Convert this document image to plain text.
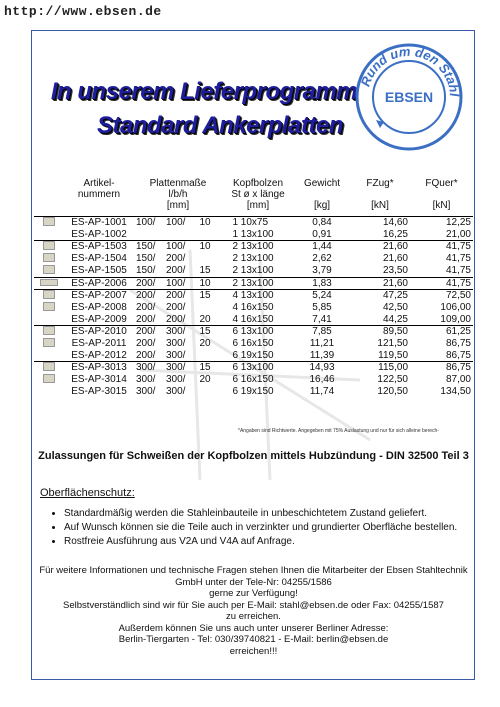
http://www.ebsen.de
In unserem Lieferprogramm
Standard Ankerplatten
Rund um den Stahl
EBSEN
	Artikel-
nummern	Plattenmaße
l/b/h
[mm]	Kopfbolzen
St ø x länge
[mm]	Gewicht

[kg]	FZug*

[kN]	FQuer*

[kN]
	ES-AP-1001	100/ 100/ 10	1 10x75	0,84	14,60	12,25
	ES-AP-1002		1 13x100	0,91	16,25	21,00
	ES-AP-1503	150/ 100/ 10	2 13x100	1,44	21,60	41,75
	ES-AP-1504	150/ 200/	2 13x100	2,62	21,60	41,75
	ES-AP-1505	150/ 200/ 15	2 13x100	3,79	23,50	41,75
	ES-AP-2006	200/ 100/ 10	2 13x100	1,83	21,60	41,75
	ES-AP-2007	200/ 200/ 15	4 13x100	5,24	47,25	72,50
	ES-AP-2008	200/ 200/	4 16x150	5,85	42,50	106,00
	ES-AP-2009	200/ 200/ 20	4 16x150	7,41	44,25	109,00
	ES-AP-2010	200/ 300/ 15	6 13x100	7,85	89,50	61,25
	ES-AP-2011	200/ 300/ 20	6 16x150	11,21	121,50	86,75
	ES-AP-2012	200/ 300/	6 19x150	11,39	119,50	86,75
	ES-AP-3013	300/ 300/ 15	6 13x100	14,93	115,00	86,75
	ES-AP-3014	300/ 300/ 20	6 16x150	16,46	122,50	87,00
	ES-AP-3015	300/ 300/	6 19x150	11,74	120,50	134,50
*Angaben sind Richtwerte. Angegeben mit 75% Auslastung und nur für sich alleine berech-
Zulassungen für Schweißen der Kopfbolzen mittels Hubzündung - DIN 32500 Teil 3
Oberflächenschutz:
• Standardmäßig werden die Stahleinbauteile in unbeschichtetem Zustand geliefert.
• Auf Wunsch können sie die Teile auch in verzinkter und grundierter Oberfläche bestellen.
• Rostfreie Ausführung aus V2A und V4A auf Anfrage.
Für weitere Informationen und technische Fragen stehen Ihnen die Mitarbeiter der Ebsen Stahltechnik
GmbH unter der Tele-Nr: 04255/1586
gerne zur Verfügung!
Selbstverständlich sind wir für Sie auch per E-Mail: stahl@ebsen.de oder Fax: 04255/1587
zu erreichen.
Außerdem können Sie uns auch unter unserer Berliner Adresse:
Berlin-Tiergarten - Tel: 030/39740821 - E-Mail: berlin@ebsen.de
erreichen!!!
